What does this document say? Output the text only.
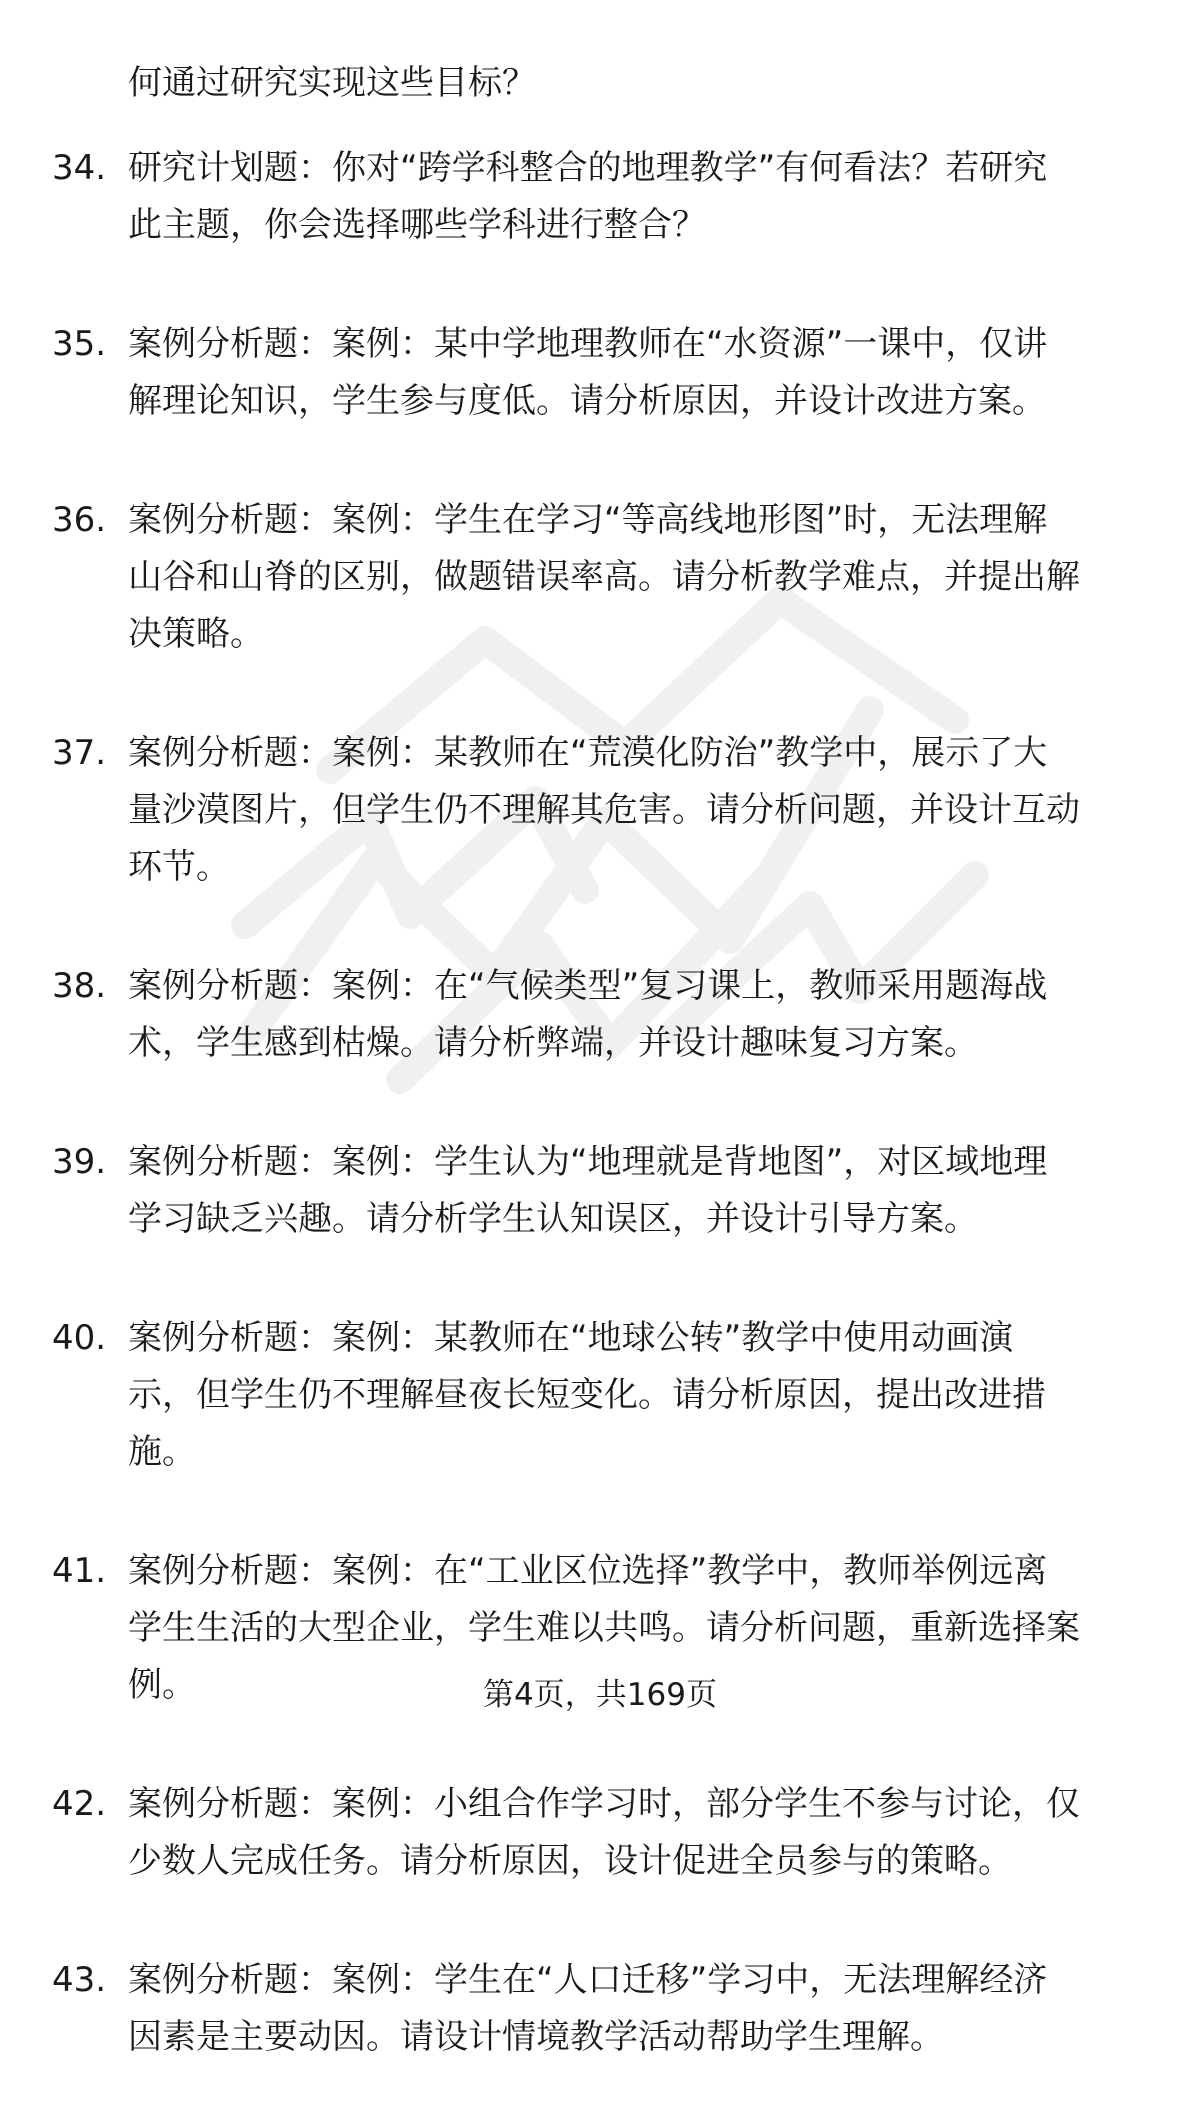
何通过研究实现这些目标？
34. 研究计划题：你对“跨学科整合的地理教学”有何看法？若研究
此主题，你会选择哪些学科进行整合？
35. 案例分析题：案例：某中学地理教师在“水资源”一课中，仅讲
解理论知识，学生参与度低。请分析原因，并设计改进方案。
36. 案例分析题：案例：学生在学习“等高线地形图”时，无法理解
山谷和山脊的区别，做题错误率高。请分析教学难点，并提出解
决策略。
37. 案例分析题：案例：某教师在“荒漠化防治”教学中，展示了大
量沙漠图片，但学生仍不理解其危害。请分析问题，并设计互动
环节。
38. 案例分析题：案例：在“气候类型”复习课上，教师采用题海战
术，学生感到枯燥。请分析弊端，并设计趣味复习方案。
39. 案例分析题：案例：学生认为“地理就是背地图”，对区域地理
学习缺乏兴趣。请分析学生认知误区，并设计引导方案。
40. 案例分析题：案例：某教师在“地球公转”教学中使用动画演
示，但学生仍不理解昼夜长短变化。请分析原因，提出改进措
施。
41. 案例分析题：案例：在“工业区位选择”教学中，教师举例远离
学生生活的大型企业，学生难以共鸣。请分析问题，重新选择案
例。
42. 案例分析题：案例：小组合作学习时，部分学生不参与讨论，仅
少数人完成任务。请分析原因，设计促进全员参与的策略。
43. 案例分析题：案例：学生在“人口迁移”学习中，无法理解经济
因素是主要动因。请设计情境教学活动帮助学生理解。
第4页，共169页
